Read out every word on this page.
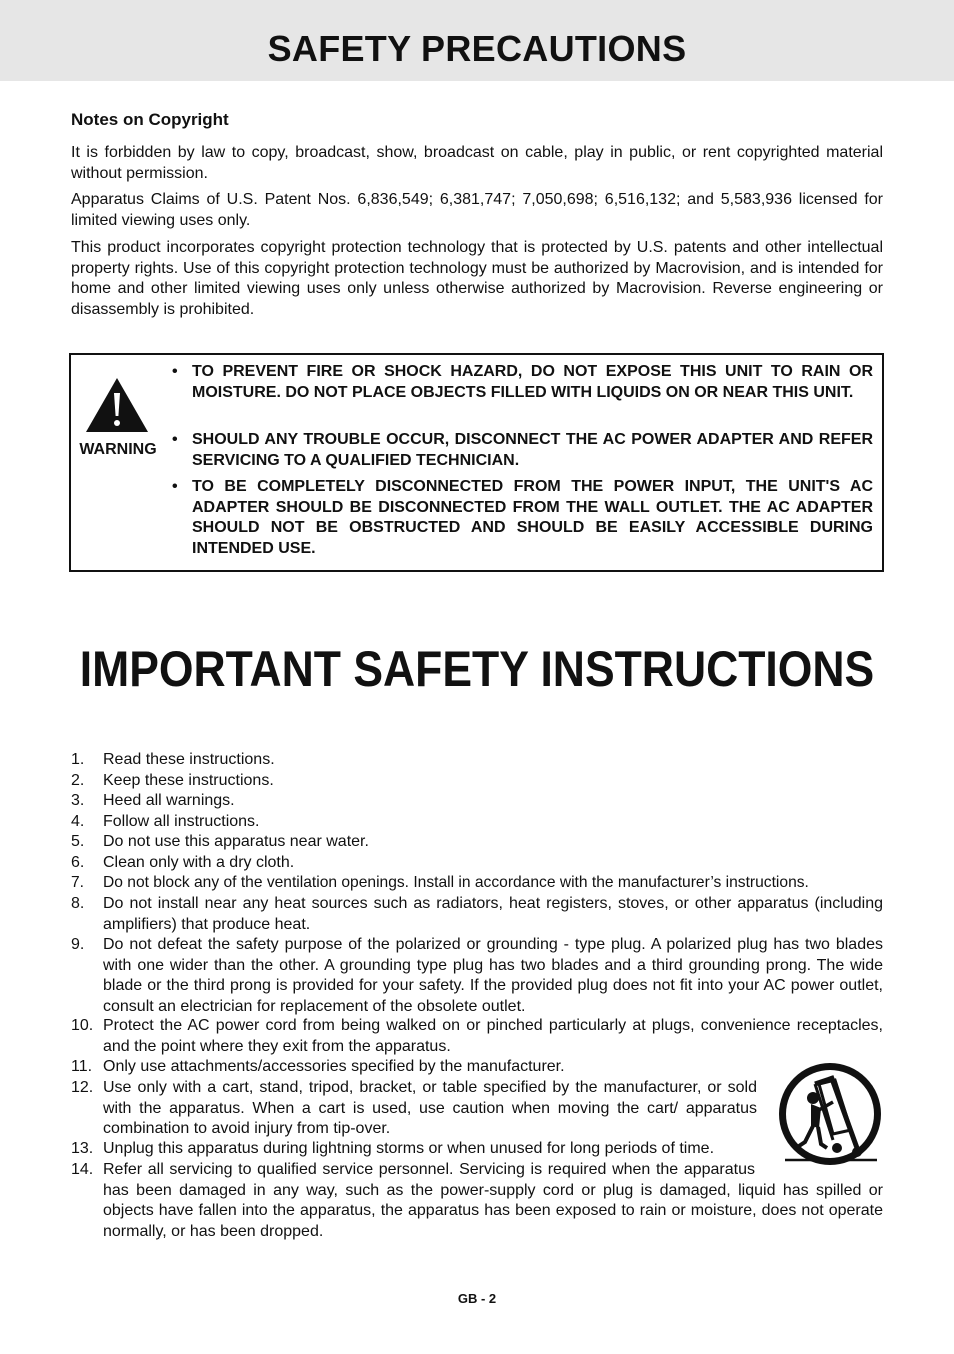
SAFETY PRECAUTIONS
Notes on Copyright

It is forbidden by law to copy, broadcast, show, broadcast on cable, play in public, or rent copyrighted material without permission.

Apparatus Claims of U.S. Patent Nos. 6,836,549; 6,381,747; 7,050,698; 6,516,132; and 5,583,936 licensed for limited viewing uses only.

This product incorporates copyright protection technology that is protected by U.S. patents and other intellectual property rights. Use of this copyright protection technology must be authorized by Macrovision, and is intended for home and other limited viewing uses only unless otherwise authorized by Macrovision. Reverse engineering or disassembly is prohibited.

WARNING
• TO PREVENT FIRE OR SHOCK HAZARD, DO NOT EXPOSE THIS UNIT TO RAIN OR MOISTURE. DO NOT PLACE OBJECTS FILLED WITH LIQUIDS ON OR NEAR THIS UNIT.
• SHOULD ANY TROUBLE OCCUR, DISCONNECT THE AC POWER ADAPTER AND REFER SERVICING TO A QUALIFIED TECHNICIAN.
• TO BE COMPLETELY DISCONNECTED FROM THE POWER INPUT, THE UNIT'S AC ADAPTER SHOULD BE DISCONNECTED FROM THE WALL OUTLET. THE AC ADAPTER SHOULD NOT BE OBSTRUCTED AND SHOULD BE EASILY ACCESSIBLE DURING INTENDED USE.
IMPORTANT SAFETY INSTRUCTIONS
1. Read these instructions.
2. Keep these instructions.
3. Heed all warnings.
4. Follow all instructions.
5. Do not use this apparatus near water.
6. Clean only with a dry cloth.
7. Do not block any of the ventilation openings. Install in accordance with the manufacturer’s instructions.
8. Do not install near any heat sources such as radiators, heat registers, stoves, or other apparatus (including amplifiers) that produce heat.
9. Do not defeat the safety purpose of the polarized or grounding - type plug. A polarized plug has two blades with one wider than the other. A grounding type plug has two blades and a third grounding prong. The wide blade or the third prong is provided for your safety. If the provided plug does not fit into your AC power outlet, consult an electrician for replacement of the obsolete outlet.
10. Protect the AC power cord from being walked on or pinched particularly at plugs, convenience receptacles, and the point where they exit from the apparatus.
11. Only use attachments/accessories specified by the manufacturer.
12. Use only with a cart, stand, tripod, bracket, or table specified by the manufacturer, or sold with the apparatus. When a cart is used, use caution when moving the cart/ apparatus combination to avoid injury from tip-over.
13. Unplug this apparatus during lightning storms or when unused for long periods of time.
14. Refer all servicing to qualified service personnel. Servicing is required when the apparatus has been damaged in any way, such as the power-supply cord or plug is damaged, liquid has spilled or objects have fallen into the apparatus, the apparatus has been exposed to rain or moisture, does not operate normally, or has been dropped.
GB - 2
